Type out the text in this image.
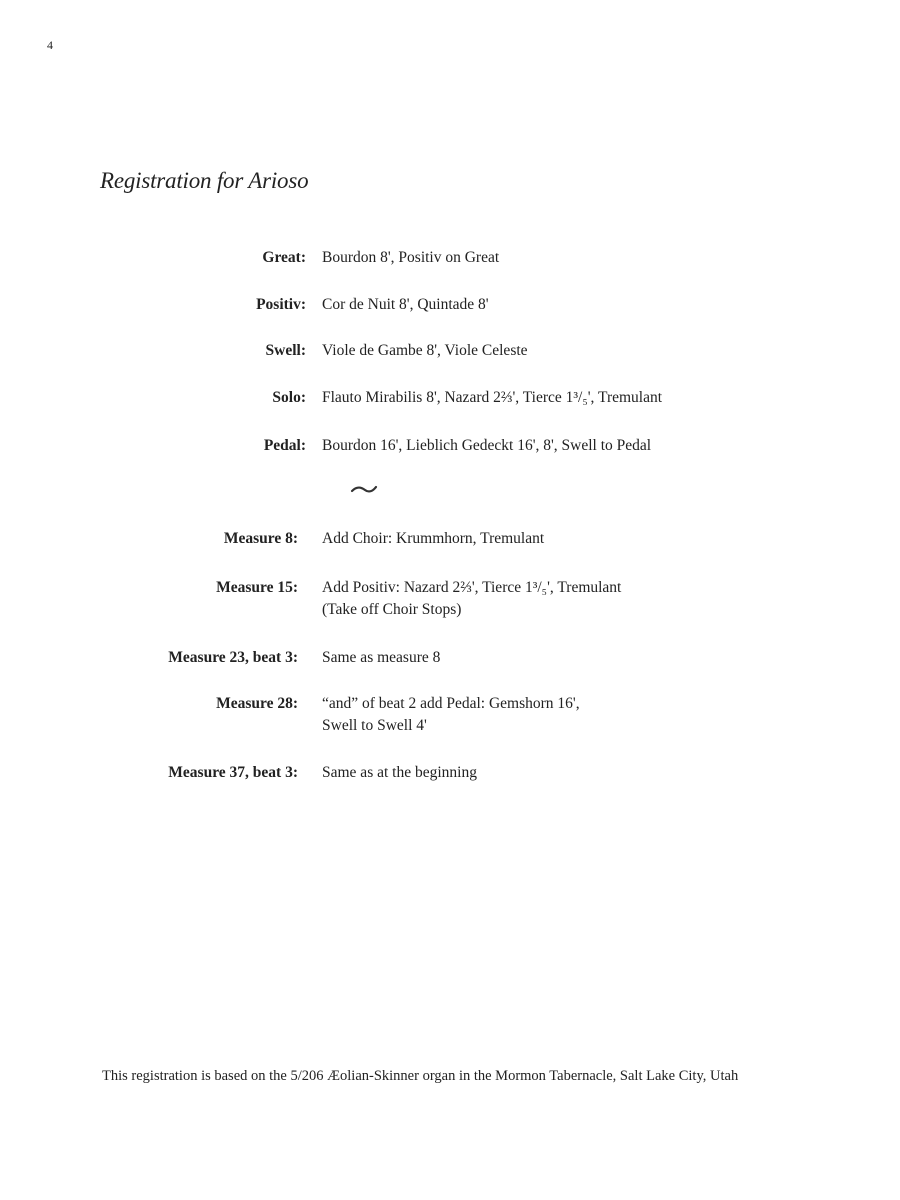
4
Registration for Arioso
Great: Bourdon 8', Positiv on Great
Positiv: Cor de Nuit 8', Quintade 8'
Swell: Viole de Gambe 8', Viole Celeste
Solo: Flauto Mirabilis 8', Nazard 2⅔', Tierce 1³/₅', Tremulant
Pedal: Bourdon 16', Lieblich Gedeckt 16', 8', Swell to Pedal
Measure 8: Add Choir: Krummhorn, Tremulant
Measure 15: Add Positiv: Nazard 2⅔', Tierce 1³/₅', Tremulant
(Take off Choir Stops)
Measure 23, beat 3: Same as measure 8
Measure 28: “and” of beat 2 add Pedal: Gemshorn 16',
Swell to Swell 4'
Measure 37, beat 3: Same as at the beginning
This registration is based on the 5/206 Æolian-Skinner organ in the Mormon Tabernacle, Salt Lake City, Utah
